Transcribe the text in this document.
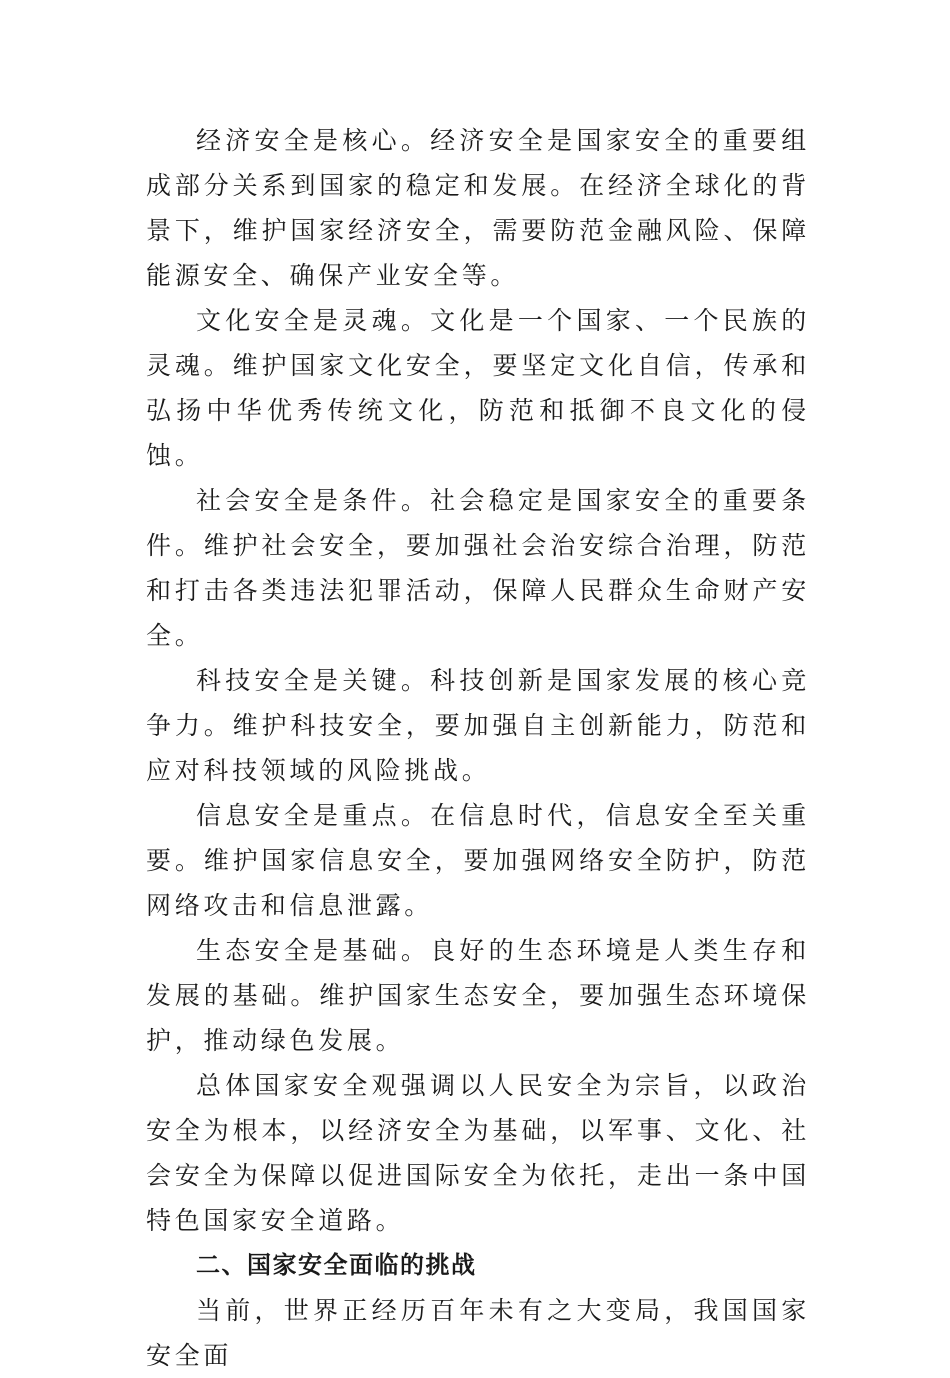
经济安全是核心。经济安全是国家安全的重要组成部分关系到国家的稳定和发展。在经济全球化的背景下，维护国家经济安全，需要防范金融风险、保障能源安全、确保产业安全等。

文化安全是灵魂。文化是一个国家、一个民族的灵魂。维护国家文化安全，要坚定文化自信，传承和弘扬中华优秀传统文化，防范和抵御不良文化的侵蚀。

社会安全是条件。社会稳定是国家安全的重要条件。维护社会安全，要加强社会治安综合治理，防范和打击各类违法犯罪活动，保障人民群众生命财产安全。

科技安全是关键。科技创新是国家发展的核心竞争力。维护科技安全，要加强自主创新能力，防范和应对科技领域的风险挑战。

信息安全是重点。在信息时代，信息安全至关重要。维护国家信息安全，要加强网络安全防护，防范网络攻击和信息泄露。

生态安全是基础。良好的生态环境是人类生存和发展的基础。维护国家生态安全，要加强生态环境保护，推动绿色发展。

总体国家安全观强调以人民安全为宗旨，以政治安全为根本，以经济安全为基础，以军事、文化、社会安全为保障以促进国际安全为依托，走出一条中国特色国家安全道路。

二、国家安全面临的挑战

当前，世界正经历百年未有之大变局，我国国家安全面
